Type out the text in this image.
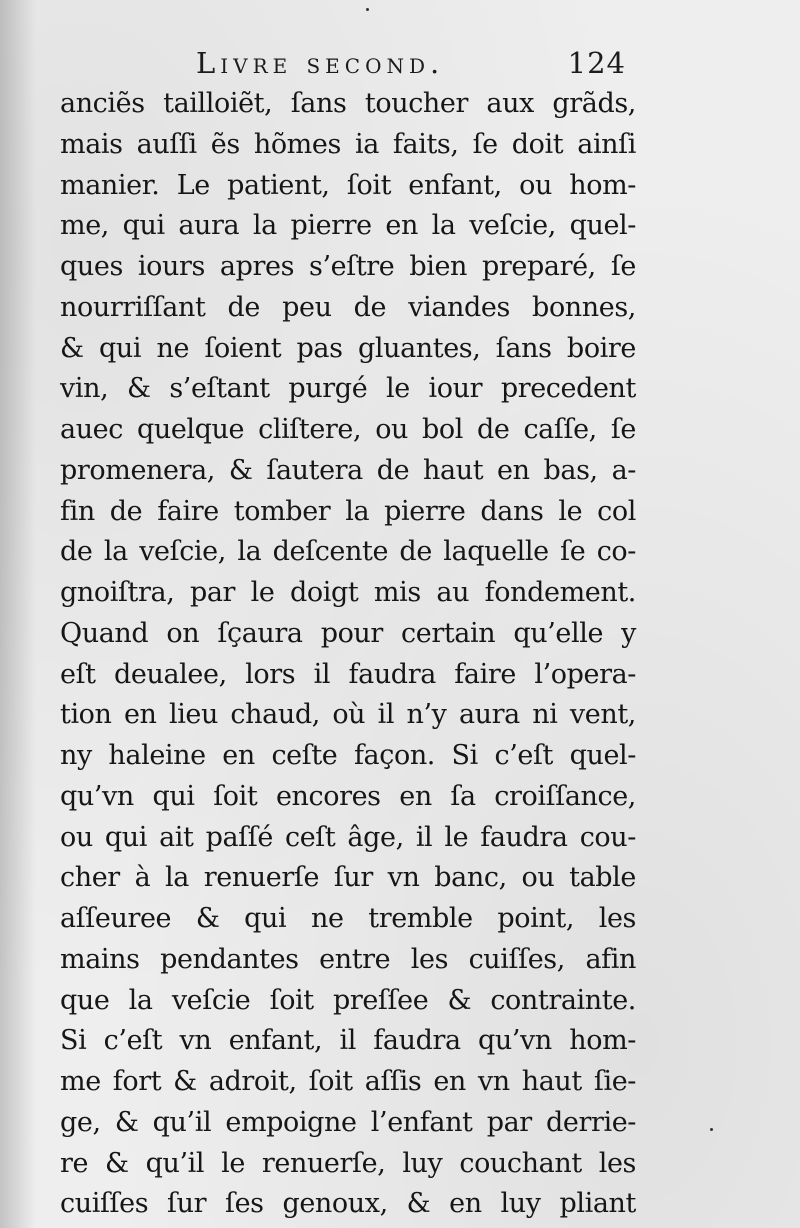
Livre second.	124
anciẽs tailloiẽt, ſans toucher aux grãds,
mais auſſi ẽs hõmes ia faits, ſe doit ainſi
manier. Le patient, ſoit enfant, ou hom-
me, qui aura la pierre en la veſcie, quel-
ques iours apres s’eſtre bien preparé, ſe
nourriſſant de peu de viandes bonnes,
& qui ne ſoient pas gluantes, ſans boire
vin, & s’eſtant purgé le iour precedent
auec quelque cliſtere, ou bol de caſſe, ſe
promenera, & ſautera de haut en bas, a-
fin de faire tomber la pierre dans le col
de la veſcie, la deſcente de laquelle ſe co-
gnoiſtra, par le doigt mis au fondement.
Quand on ſçaura pour certain qu’elle y
eſt deualee, lors il faudra faire l’opera-
tion en lieu chaud, où il n’y aura ni vent,
ny haleine en ceſte façon. Si c’eſt quel-
qu’vn qui ſoit encores en ſa croiſſance,
ou qui ait paſſé ceſt âge, il le faudra cou-
cher à la renuerſe ſur vn banc, ou table
aſſeuree & qui ne tremble point, les
mains pendantes entre les cuiſſes, afin
que la veſcie ſoit preſſee & contrainte.
Si c’eſt vn enfant, il faudra qu’vn hom-
me fort & adroit, ſoit aſſis en vn haut ſie-
ge, & qu’il empoigne l’enfant par derrie-
re & qu’il le renuerſe, luy couchant les
cuiſſes ſur ſes genoux, & en luy pliant
